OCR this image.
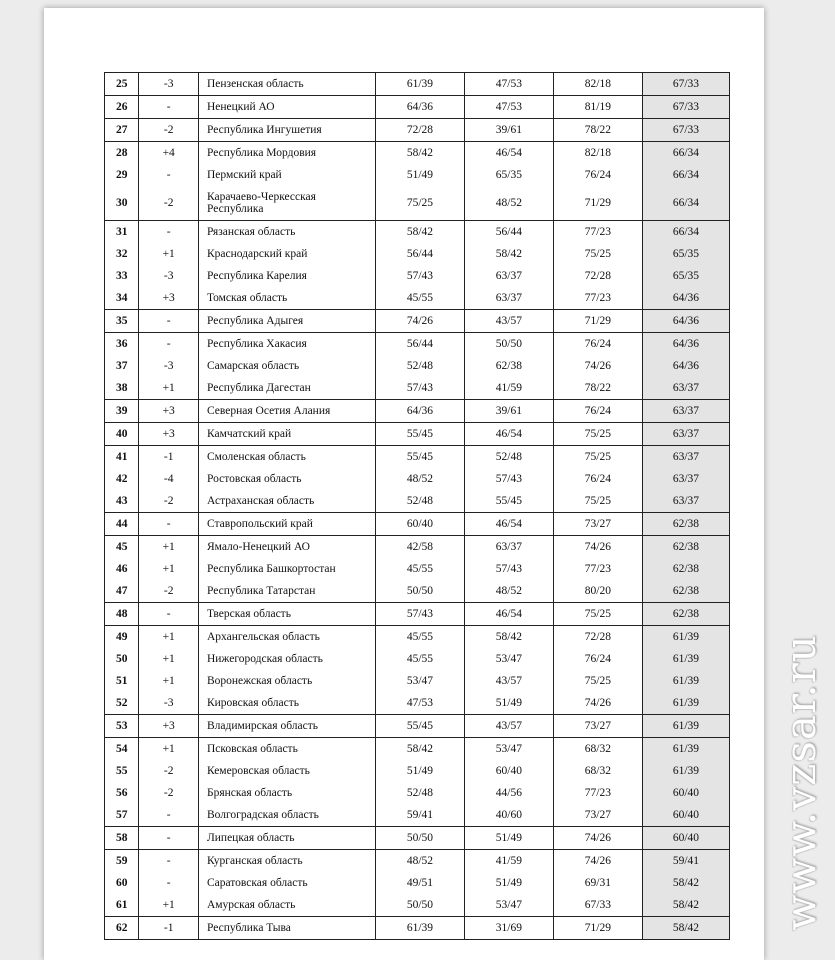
25	-3	Пензенская область	61/39	47/53	82/18	67/33
26	-	Ненецкий АО	64/36	47/53	81/19	67/33
27	-2	Республика Ингушетия	72/28	39/61	78/22	67/33
28	+4	Республика Мордовия	58/42	46/54	82/18	66/34
29	-	Пермский край	51/49	65/35	76/24	66/34
30	-2	Карачаево-Черкесская Республика	75/25	48/52	71/29	66/34
31	-	Рязанская область	58/42	56/44	77/23	66/34
32	+1	Краснодарский край	56/44	58/42	75/25	65/35
33	-3	Республика Карелия	57/43	63/37	72/28	65/35
34	+3	Томская область	45/55	63/37	77/23	64/36
35	-	Республика Адыгея	74/26	43/57	71/29	64/36
36	-	Республика Хакасия	56/44	50/50	76/24	64/36
37	-3	Самарская область	52/48	62/38	74/26	64/36
38	+1	Республика Дагестан	57/43	41/59	78/22	63/37
39	+3	Северная Осетия Алания	64/36	39/61	76/24	63/37
40	+3	Камчатский край	55/45	46/54	75/25	63/37
41	-1	Смоленская область	55/45	52/48	75/25	63/37
42	-4	Ростовская область	48/52	57/43	76/24	63/37
43	-2	Астраханская область	52/48	55/45	75/25	63/37
44	-	Ставропольский край	60/40	46/54	73/27	62/38
45	+1	Ямало-Ненецкий АО	42/58	63/37	74/26	62/38
46	+1	Республика Башкортостан	45/55	57/43	77/23	62/38
47	-2	Республика Татарстан	50/50	48/52	80/20	62/38
48	-	Тверская область	57/43	46/54	75/25	62/38
49	+1	Архангельская область	45/55	58/42	72/28	61/39
50	+1	Нижегородская область	45/55	53/47	76/24	61/39
51	+1	Воронежская область	53/47	43/57	75/25	61/39
52	-3	Кировская область	47/53	51/49	74/26	61/39
53	+3	Владимирская область	55/45	43/57	73/27	61/39
54	+1	Псковская область	58/42	53/47	68/32	61/39
55	-2	Кемеровская область	51/49	60/40	68/32	61/39
56	-2	Брянская область	52/48	44/56	77/23	60/40
57	-	Волгоградская область	59/41	40/60	73/27	60/40
58	-	Липецкая область	50/50	51/49	74/26	60/40
59	-	Курганская область	48/52	41/59	74/26	59/41
60	-	Саратовская область	49/51	51/49	69/31	58/42
61	+1	Амурская область	50/50	53/47	67/33	58/42
62	-1	Республика Тыва	61/39	31/69	71/29	58/42 www.vzsar.ru
